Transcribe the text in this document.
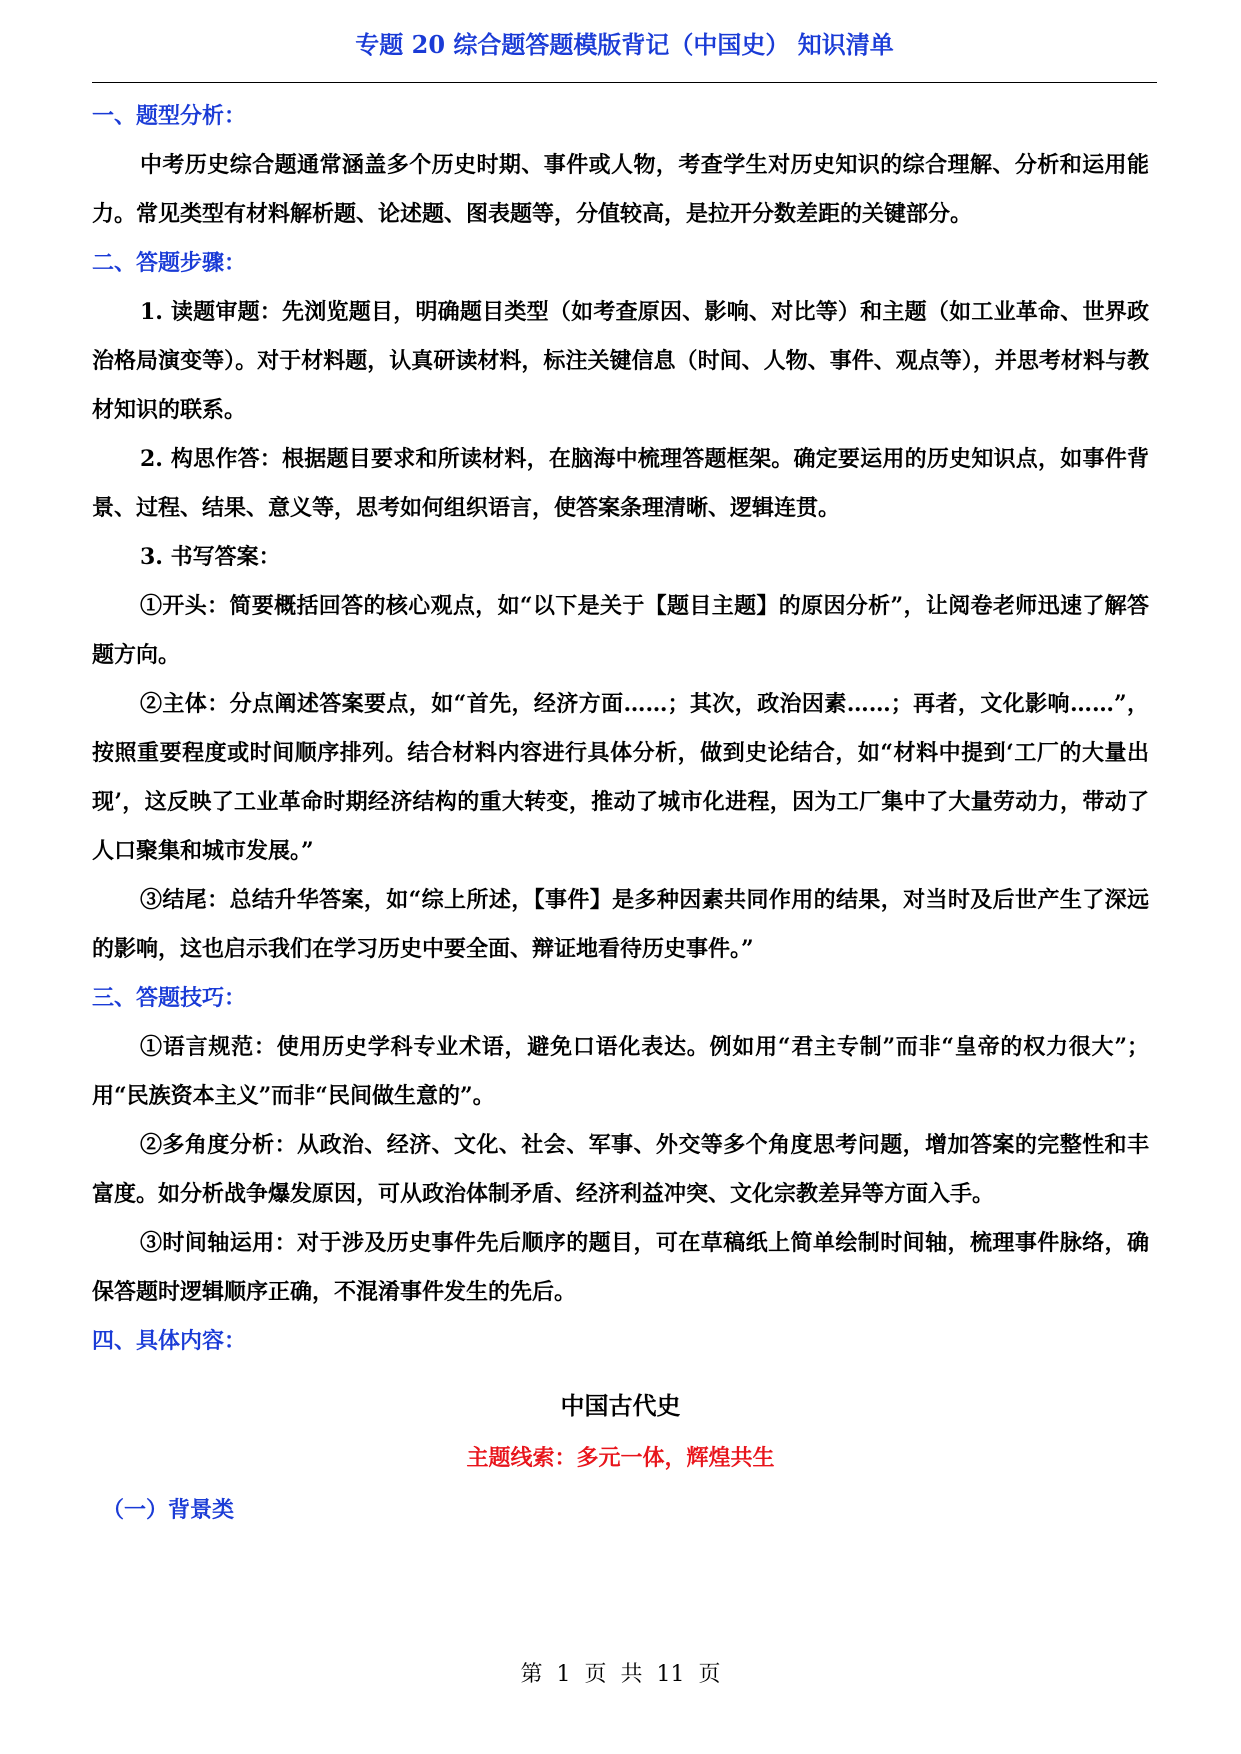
专题 20 综合题答题模版背记（中国史） 知识清单
一、题型分析：

中考历史综合题通常涵盖多个历史时期、事件或人物，考查学生对历史知识的综合理解、分析和运用能力。常见类型有材料解析题、论述题、图表题等，分值较高，是拉开分数差距的关键部分。

二、答题步骤：

1. 读题审题：先浏览题目，明确题目类型（如考查原因、影响、对比等）和主题（如工业革命、世界政治格局演变等）。对于材料题，认真研读材料，标注关键信息（时间、人物、事件、观点等），并思考材料与教材知识的联系。

2. 构思作答：根据题目要求和所读材料，在脑海中梳理答题框架。确定要运用的历史知识点，如事件背景、过程、结果、意义等，思考如何组织语言，使答案条理清晰、逻辑连贯。

3. 书写答案：

①开头：简要概括回答的核心观点，如“以下是关于【题目主题】的原因分析”，让阅卷老师迅速了解答题方向。

②主体：分点阐述答案要点，如“首先，经济方面……；其次，政治因素……；再者，文化影响……”，按照重要程度或时间顺序排列。结合材料内容进行具体分析，做到史论结合，如“材料中提到‘工厂的大量出现’，这反映了工业革命时期经济结构的重大转变，推动了城市化进程，因为工厂集中了大量劳动力，带动了人口聚集和城市发展。”

③结尾：总结升华答案，如“综上所述，【事件】是多种因素共同作用的结果，对当时及后世产生了深远的影响，这也启示我们在学习历史中要全面、辩证地看待历史事件。”

三、答题技巧：

①语言规范：使用历史学科专业术语，避免口语化表达。例如用“君主专制”而非“皇帝的权力很大”；用“民族资本主义”而非“民间做生意的”。

②多角度分析：从政治、经济、文化、社会、军事、外交等多个角度思考问题，增加答案的完整性和丰富度。如分析战争爆发原因，可从政治体制矛盾、经济利益冲突、文化宗教差异等方面入手。

③时间轴运用：对于涉及历史事件先后顺序的题目，可在草稿纸上简单绘制时间轴，梳理事件脉络，确保答题时逻辑顺序正确，不混淆事件发生的先后。

四、具体内容：
中国古代史
主题线索：多元一体，辉煌共生
（一）背景类
第  1  页  共  11  页
